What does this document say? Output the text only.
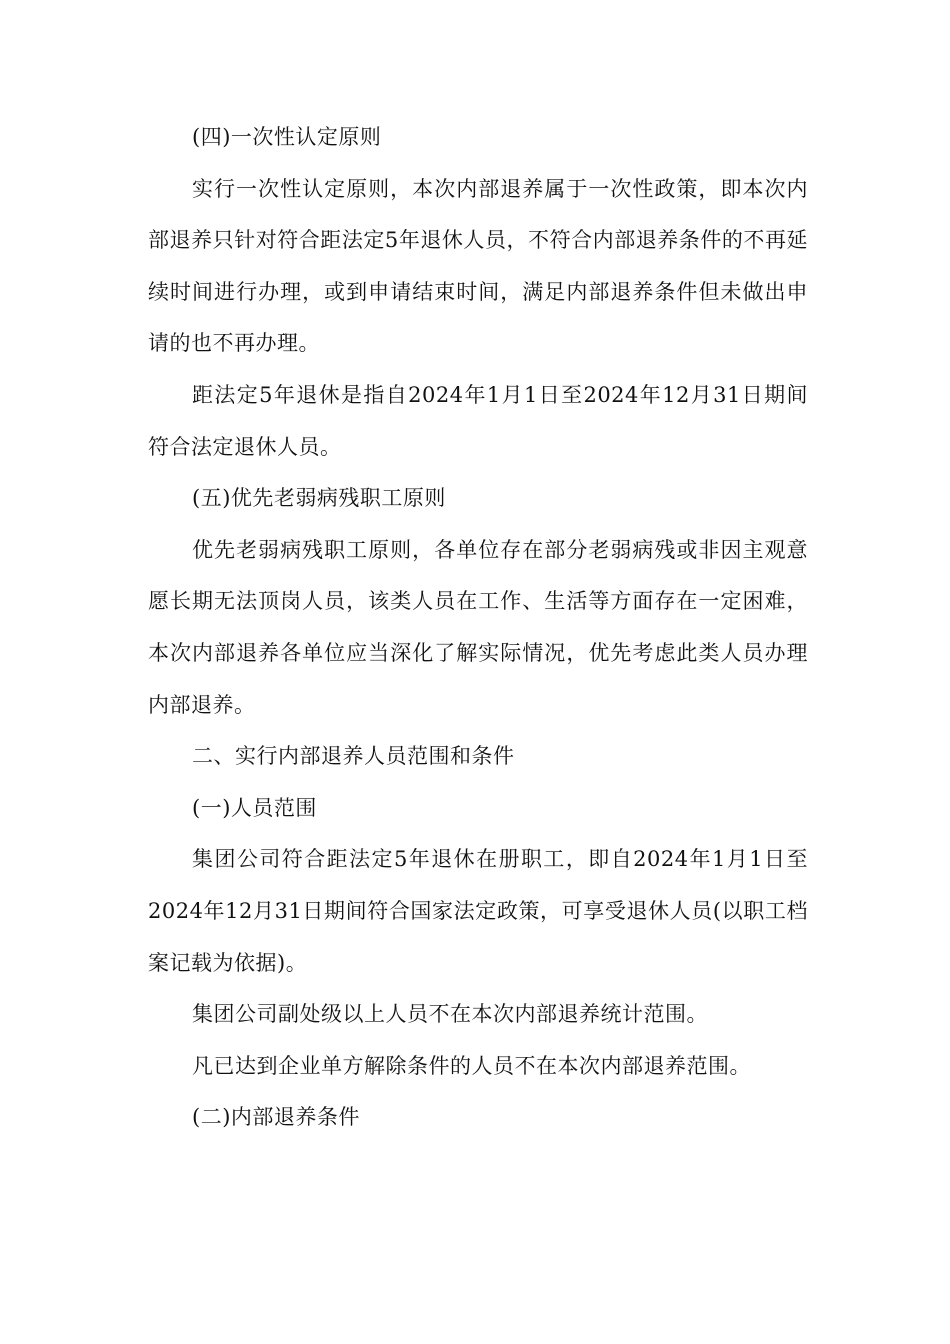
(四)一次性认定原则

实行一次性认定原则，本次内部退养属于一次性政策，即本次内部退养只针对符合距法定5年退休人员，不符合内部退养条件的不再延续时间进行办理，或到申请结束时间，满足内部退养条件但未做出申请的也不再办理。

距法定5年退休是指自2024年1月1日至2024年12月31日期间符合法定退休人员。

(五)优先老弱病残职工原则

优先老弱病残职工原则，各单位存在部分老弱病残或非因主观意愿长期无法顶岗人员，该类人员在工作、生活等方面存在一定困难，本次内部退养各单位应当深化了解实际情况，优先考虑此类人员办理内部退养。

二、实行内部退养人员范围和条件

(一)人员范围

集团公司符合距法定5年退休在册职工，即自2024年1月1日至2024年12月31日期间符合国家法定政策，可享受退休人员(以职工档案记载为依据)。

集团公司副处级以上人员不在本次内部退养统计范围。

凡已达到企业单方解除条件的人员不在本次内部退养范围。

(二)内部退养条件
